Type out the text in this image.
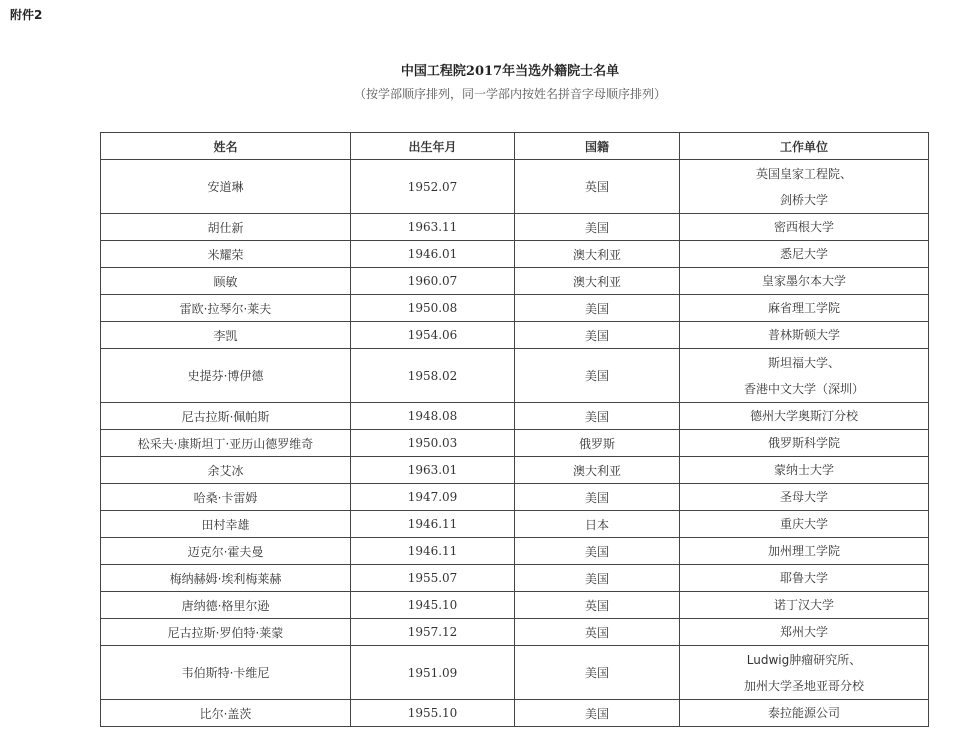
附件2
中国工程院2017年当选外籍院士名单
（按学部顺序排列，同一学部内按姓名拼音字母顺序排列）
姓名	出生年月	国籍	工作单位
安道琳	1952.07	英国	英国皇家工程院、
剑桥大学

胡仕新	1963.11	美国	密西根大学

米耀荣	1946.01	澳大利亚	悉尼大学

顾敏	1960.07	澳大利亚	皇家墨尔本大学

雷欧·拉琴尔·莱夫	1950.08	美国	麻省理工学院

李凯	1954.06	美国	普林斯顿大学

史提芬·博伊德	1958.02	美国	斯坦福大学、
香港中文大学（深圳）

尼古拉斯·佩帕斯	1948.08	美国	德州大学奥斯汀分校

松采夫·康斯坦丁·亚历山德罗维奇	1950.03	俄罗斯	俄罗斯科学院

余艾冰	1963.01	澳大利亚	蒙纳士大学

哈桑·卡雷姆	1947.09	美国	圣母大学

田村幸雄	1946.11	日本	重庆大学

迈克尔·霍夫曼	1946.11	美国	加州理工学院

梅纳赫姆·埃利梅莱赫	1955.07	美国	耶鲁大学

唐纳德·格里尔逊	1945.10	英国	诺丁汉大学

尼古拉斯·罗伯特·莱蒙	1957.12	英国	郑州大学

韦伯斯特·卡维尼	1951.09	美国	Ludwig肿瘤研究所、
加州大学圣地亚哥分校

比尔·盖茨	1955.10	美国	泰拉能源公司
